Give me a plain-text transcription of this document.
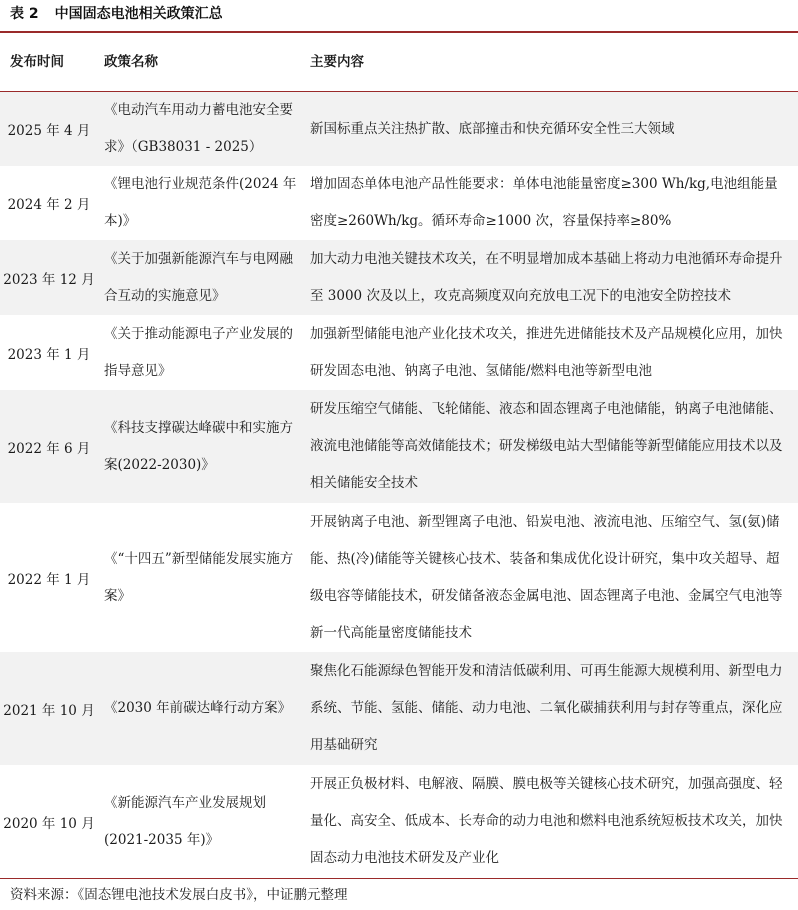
表 2 中国固态电池相关政策汇总
发布时间	政策名称	主要内容
2025 年 4 月
《电动汽车用动力蓄电池安全要求》（GB38031 - 2025）
新国标重点关注热扩散、底部撞击和快充循环安全性三大领域
2024 年 2 月
《锂电池行业规范条件(2024 年本)》
增加固态单体电池产品性能要求：单体电池能量密度≥300 Wh/kg,电池组能量密度≥260Wh/kg。循环寿命≥1000 次，容量保持率≥80%
2023 年 12 月
《关于加强新能源汽车与电网融合互动的实施意见》
加大动力电池关键技术攻关，在不明显增加成本基础上将动力电池循环寿命提升至 3000 次及以上，攻克高频度双向充放电工况下的电池安全防控技术
2023 年 1 月
《关于推动能源电子产业发展的指导意见》
加强新型储能电池产业化技术攻关，推进先进储能技术及产品规模化应用，加快研发固态电池、钠离子电池、氢储能/燃料电池等新型电池
2022 年 6 月
《科技支撑碳达峰碳中和实施方案(2022-2030)》
研发压缩空气储能、飞轮储能、液态和固态锂离子电池储能，钠离子电池储能、液流电池储能等高效储能技术；研发梯级电站大型储能等新型储能应用技术以及相关储能安全技术
2022 年 1 月
《“十四五”新型储能发展实施方案》
开展钠离子电池、新型锂离子电池、铅炭电池、液流电池、压缩空气、氢(氨)储能、热(冷)储能等关键核心技术、装备和集成优化设计研究，集中攻关超导、超级电容等储能技术，研发储备液态金属电池、固态锂离子电池、金属空气电池等新一代高能量密度储能技术
2021 年 10 月 《2030 年前碳达峰行动方案》
聚焦化石能源绿色智能开发和清洁低碳利用、可再生能源大规模利用、新型电力系统、节能、氢能、储能、动力电池、二氧化碳捕获利用与封存等重点，深化应用基础研究
2020 年 10 月
《新能源汽车产业发展规划(2021-2035 年)》
开展正负极材料、电解液、隔膜、膜电极等关键核心技术研究，加强高强度、轻量化、高安全、低成本、长寿命的动力电池和燃料电池系统短板技术攻关，加快固态动力电池技术研发及产业化
资料来源：《固态锂电池技术发展白皮书》，中证鹏元整理
